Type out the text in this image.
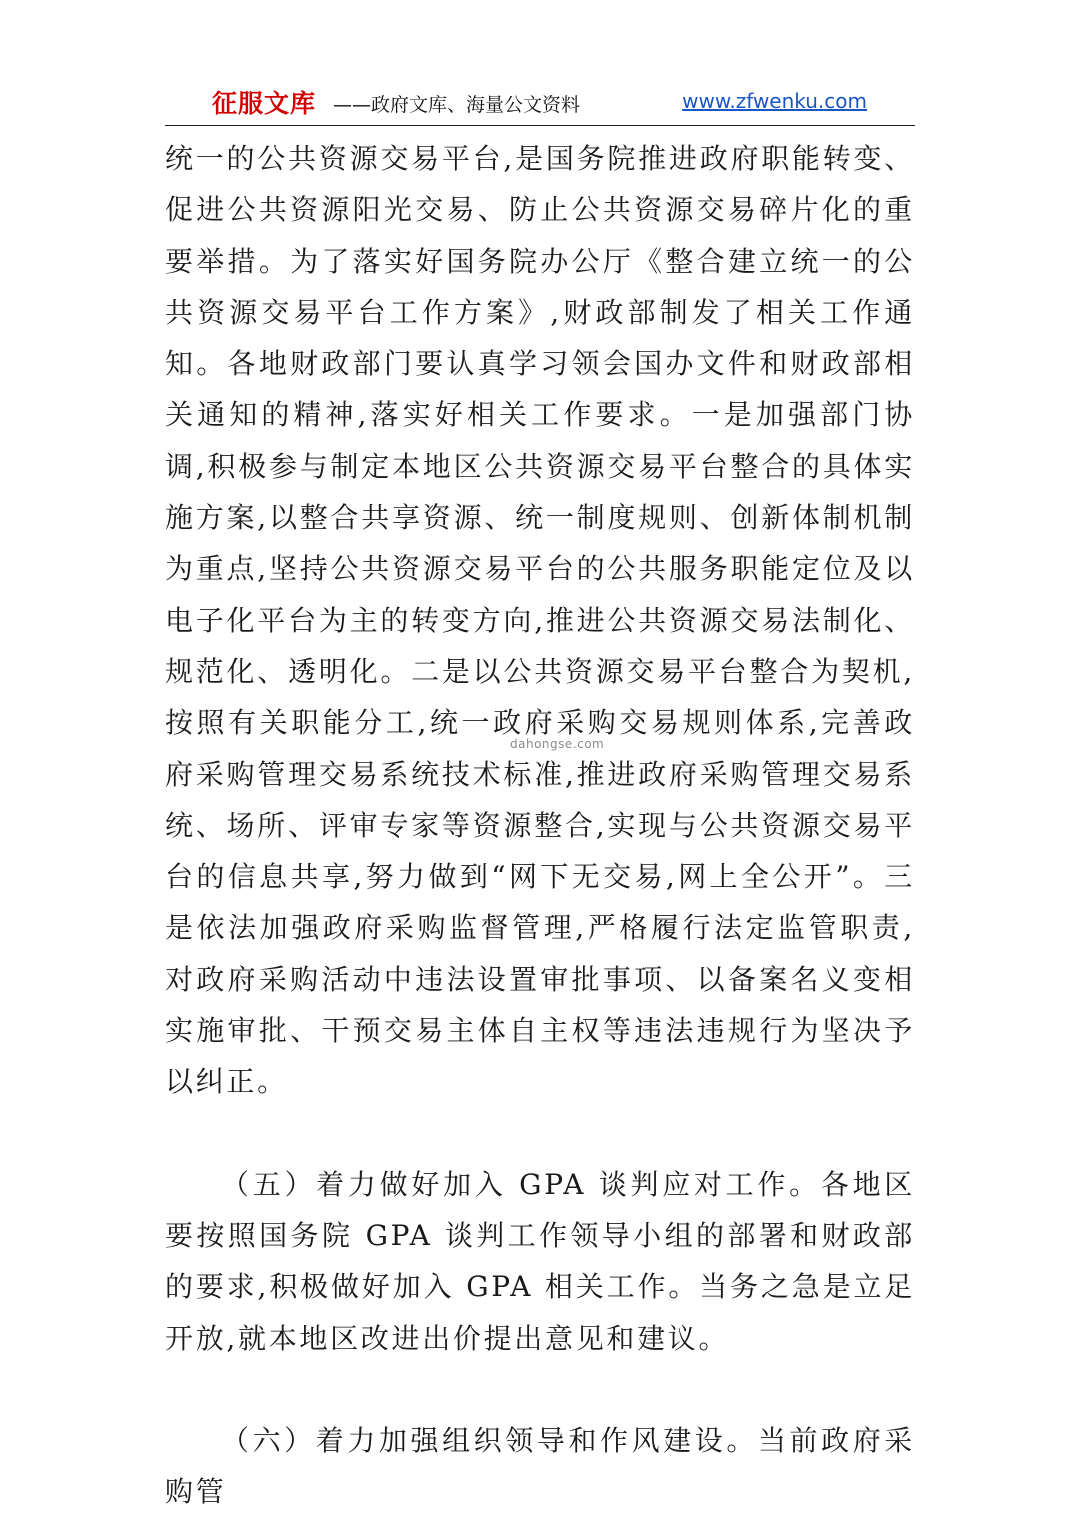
征服文库 ——政府文库、海量公文资料	www.zfwenku.com

统一的公共资源交易平台,是国务院推进政府职能转变、促进公共资源阳光交易、防止公共资源交易碎片化的重要举措。为了落实好国务院办公厅《整合建立统一的公共资源交易平台工作方案》,财政部制发了相关工作通知。各地财政部门要认真学习领会国办文件和财政部相关通知的精神,落实好相关工作要求。一是加强部门协调,积极参与制定本地区公共资源交易平台整合的具体实施方案,以整合共享资源、统一制度规则、创新体制机制为重点,坚持公共资源交易平台的公共服务职能定位及以电子化平台为主的转变方向,推进公共资源交易法制化、规范化、透明化。二是以公共资源交易平台整合为契机,按照有关职能分工,统一政府采购交易规则体系,完善政府采购管理交易系统技术标准,推进政府采购管理交易系统、场所、评审专家等资源整合,实现与公共资源交易平台的信息共享,努力做到“网下无交易,网上全公开”。三是依法加强政府采购监督管理,严格履行法定监管职责,对政府采购活动中违法设置审批事项、以备案名义变相实施审批、干预交易主体自主权等违法违规行为坚决予以纠正。

（五）着力做好加入 GPA 谈判应对工作。各地区要按照国务院 GPA 谈判工作领导小组的部署和财政部的要求,积极做好加入 GPA 相关工作。当务之急是立足开放,就本地区改进出价提出意见和建议。

（六）着力加强组织领导和作风建设。当前政府采购管

dahongse.com
